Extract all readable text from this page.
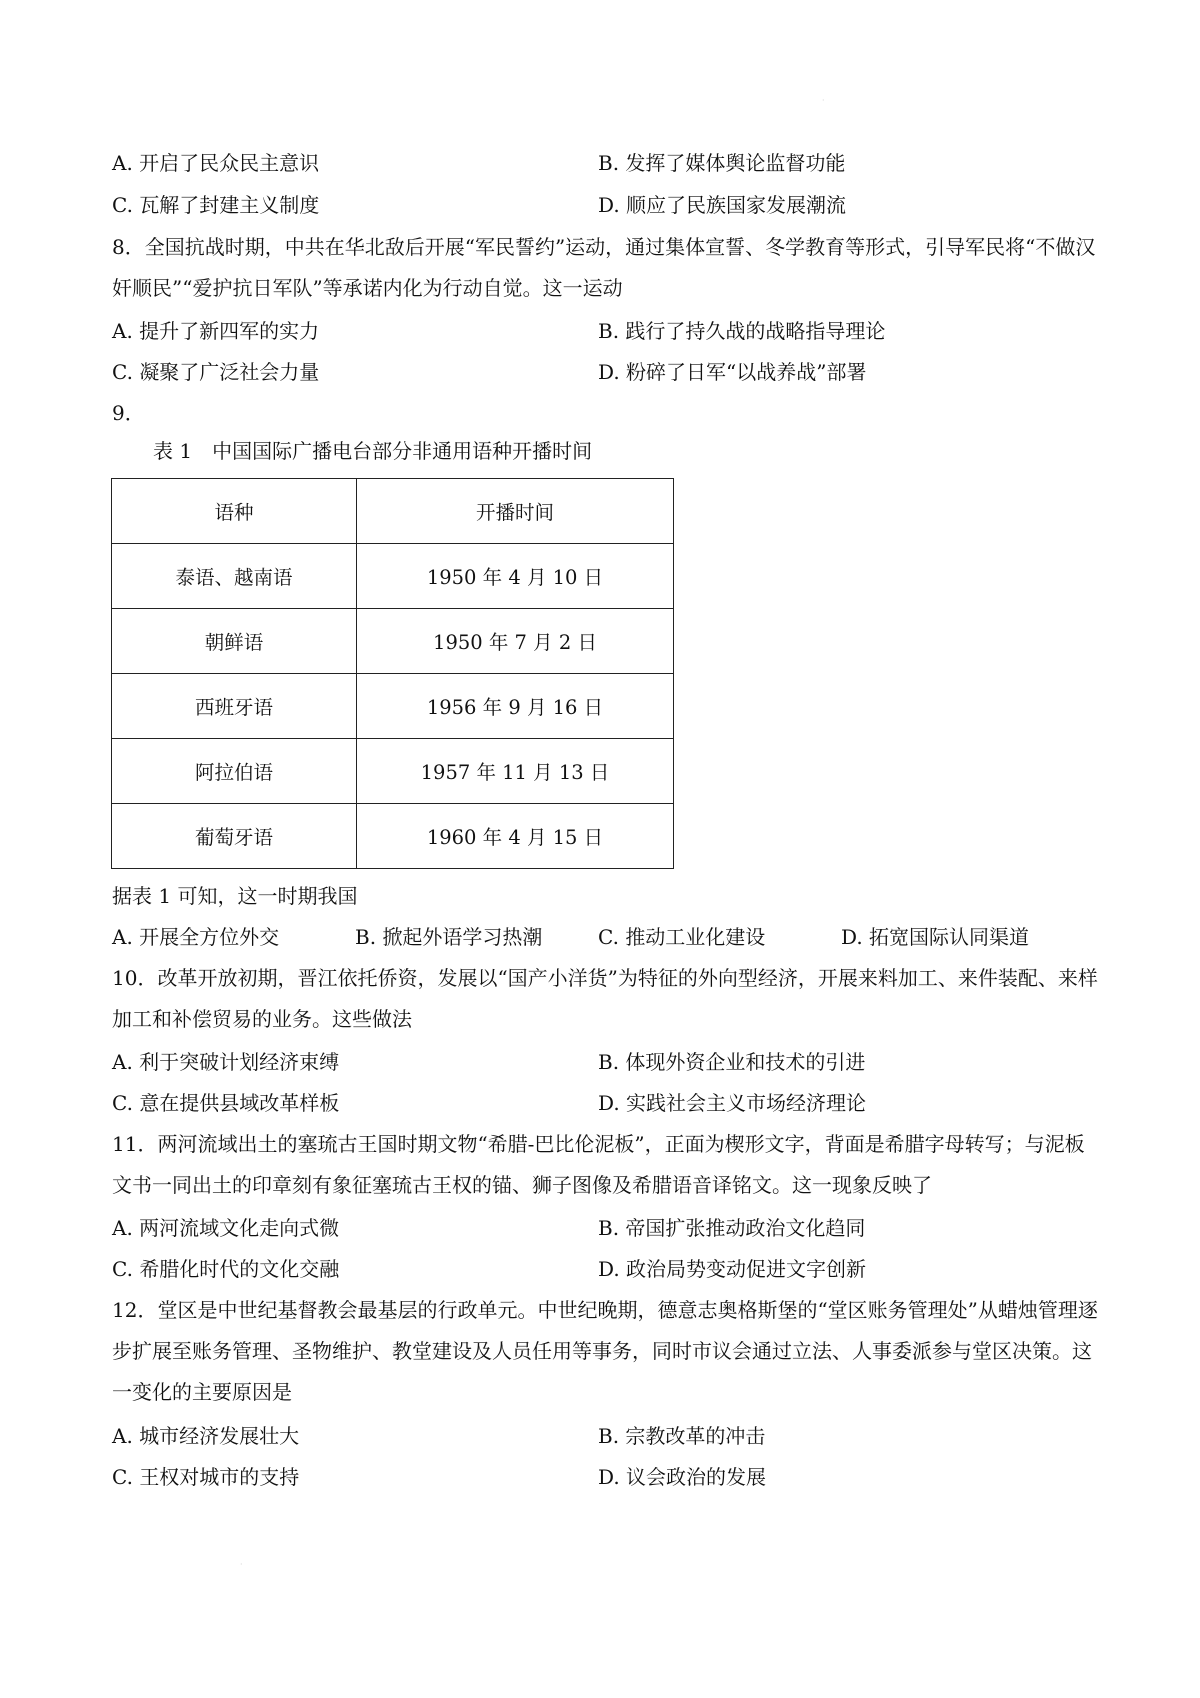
A. 开启了民众民主意识	B. 发挥了媒体舆论监督功能
C. 瓦解了封建主义制度	D. 顺应了民族国家发展潮流
8．全国抗战时期，中共在华北敌后开展“军民誓约”运动，通过集体宣誓、冬学教育等形式，引导军民将“不做汉奸顺民”“爱护抗日军队”等承诺内化为行动自觉。这一运动
A. 提升了新四军的实力	B. 践行了持久战的战略指导理论
C. 凝聚了广泛社会力量	D. 粉碎了日军“以战养战”部署
9．
表 1　中国国际广播电台部分非通用语种开播时间
语种	开播时间
泰语、越南语	1950 年 4 月 10 日
朝鲜语	1950 年 7 月 2 日
西班牙语	1956 年 9 月 16 日
阿拉伯语	1957 年 11 月 13 日
葡萄牙语	1960 年 4 月 15 日
据表 1 可知，这一时期我国
A. 开展全方位外交	B. 掀起外语学习热潮	C. 推动工业化建设	D. 拓宽国际认同渠道
10．改革开放初期，晋江依托侨资，发展以“国产小洋货”为特征的外向型经济，开展来料加工、来件装配、来样加工和补偿贸易的业务。这些做法
A. 利于突破计划经济束缚	B. 体现外资企业和技术的引进
C. 意在提供县域改革样板	D. 实践社会主义市场经济理论
11．两河流域出土的塞琉古王国时期文物“希腊-巴比伦泥板”，正面为楔形文字，背面是希腊字母转写；与泥板文书一同出土的印章刻有象征塞琉古王权的锚、狮子图像及希腊语音译铭文。这一现象反映了
A. 两河流域文化走向式微	B. 帝国扩张推动政治文化趋同
C. 希腊化时代的文化交融	D. 政治局势变动促进文字创新
12．堂区是中世纪基督教会最基层的行政单元。中世纪晚期，德意志奥格斯堡的“堂区账务管理处”从蜡烛管理逐步扩展至账务管理、圣物维护、教堂建设及人员任用等事务，同时市议会通过立法、人事委派参与堂区决策。这一变化的主要原因是
A. 城市经济发展壮大	B. 宗教改革的冲击
C. 王权对城市的支持	D. 议会政治的发展
·
·
